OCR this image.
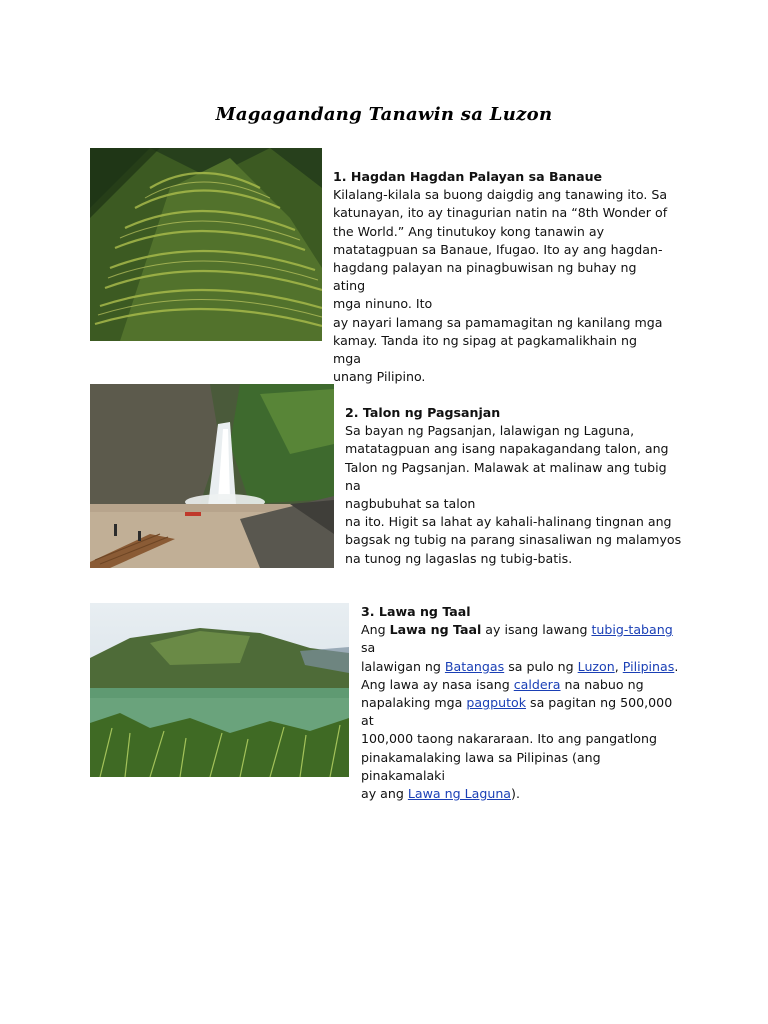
Magagandang Tanawin sa Luzon

1. Hagdan Hagdan Palayan sa Banaue

Kilalang-kilala sa buong daigdig ang tanawing ito. Sa

katunayan, ito ay tinagurian natin na “8th Wonder of

the World.” Ang tinutukoy kong tanawin ay

matatagpuan sa Banaue, Ifugao. Ito ay ang hagdan-

hagdang palayan na pinagbuwisan ng buhay ng ating

mga ninuno. Ito

ay nayari lamang sa pamamagitan ng kanilang mga

kamay. Tanda ito ng sipag at pagkamalikhain ng mga

unang Pilipino.

2. Talon ng Pagsanjan

Sa bayan ng Pagsanjan, lalawigan ng Laguna,

matatagpuan ang isang napakagandang talon, ang

Talon ng Pagsanjan. Malawak at malinaw ang tubig na

nagbubuhat sa talon

na ito. Higit sa lahat ay kahali-halinang tingnan ang

bagsak ng tubig na parang sinasaliwan ng malamyos

na tunog ng lagaslas ng tubig-batis.

3. Lawa ng Taal

Ang Lawa ng Taal ay isang lawang tubig-tabang sa

lalawigan ng Batangas sa pulo ng Luzon, Pilipinas.

Ang lawa ay nasa isang caldera na nabuo ng

napalaking mga pagputok sa pagitan ng 500,000 at

100,000 taong nakararaan. Ito ang pangatlong

pinakamalaking lawa sa Pilipinas (ang pinakamalaki

ay ang Lawa ng Laguna).
